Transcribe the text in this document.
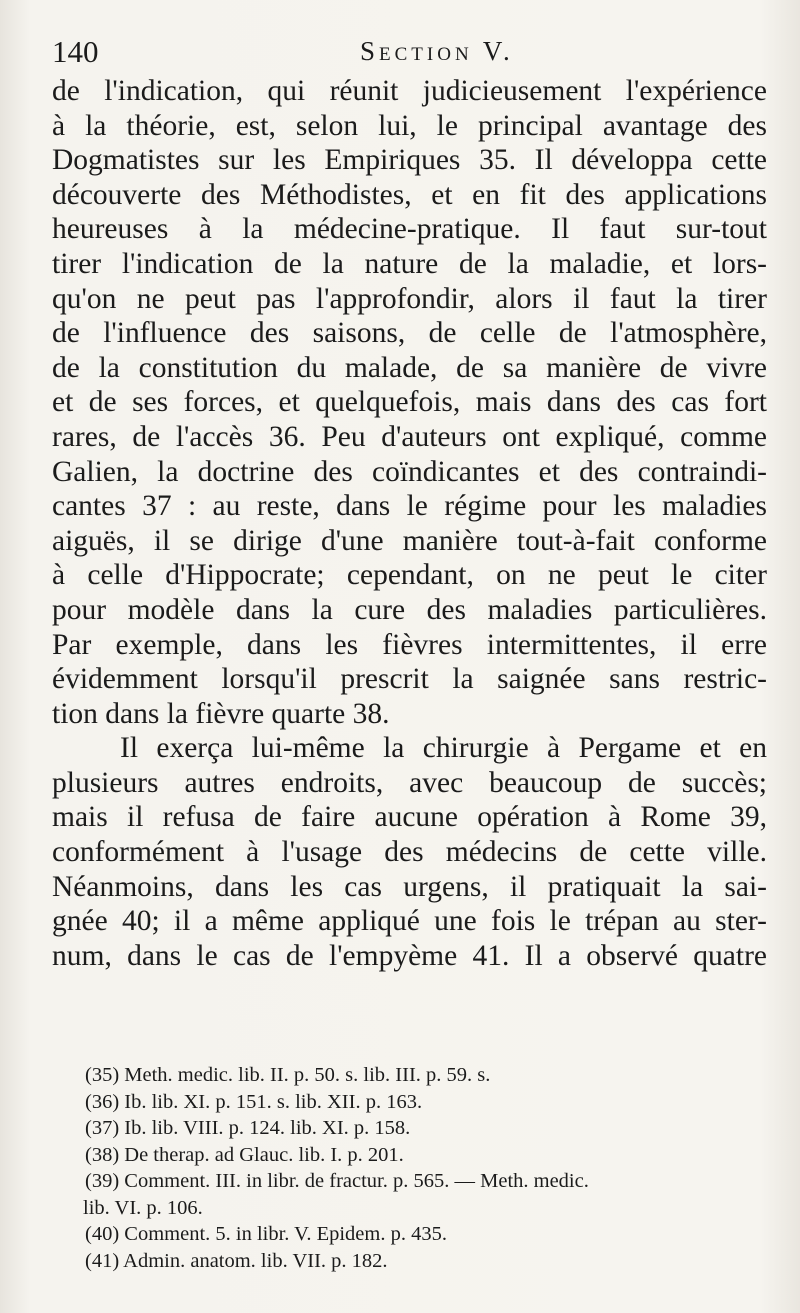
140	Section V.
de l'indication, qui réunit judicieusement l'expérience
à la théorie, est, selon lui, le principal avantage des
Dogmatistes sur les Empiriques 35. Il développa cette
découverte des Méthodistes, et en fit des applications
heureuses à la médecine-pratique. Il faut sur-tout
tirer l'indication de la nature de la maladie, et lors-
qu'on ne peut pas l'approfondir, alors il faut la tirer
de l'influence des saisons, de celle de l'atmosphère,
de la constitution du malade, de sa manière de vivre
et de ses forces, et quelquefois, mais dans des cas fort
rares, de l'accès 36. Peu d'auteurs ont expliqué, comme
Galien, la doctrine des coïndicantes et des contraindi-
cantes 37 : au reste, dans le régime pour les maladies
aiguës, il se dirige d'une manière tout-à-fait conforme
à celle d'Hippocrate; cependant, on ne peut le citer
pour modèle dans la cure des maladies particulières.
Par exemple, dans les fièvres intermittentes, il erre
évidemment lorsqu'il prescrit la saignée sans restric-
tion dans la fièvre quarte 38.
Il exerça lui-même la chirurgie à Pergame et en
plusieurs autres endroits, avec beaucoup de succès;
mais il refusa de faire aucune opération à Rome 39,
conformément à l'usage des médecins de cette ville.
Néanmoins, dans les cas urgens, il pratiquait la sai-
gnée 40; il a même appliqué une fois le trépan au ster-
num, dans le cas de l'empyème 41. Il a observé quatre
(35) Meth. medic. lib. II. p. 50. s. lib. III. p. 59. s.
(36) Ib. lib. XI. p. 151. s. lib. XII. p. 163.
(37) Ib. lib. VIII. p. 124. lib. XI. p. 158.
(38) De therap. ad Glauc. lib. I. p. 201.
(39) Comment. III. in libr. de fractur. p. 565. — Meth. medic.
lib. VI. p. 106.
(40) Comment. 5. in libr. V. Epidem. p. 435.
(41) Admin. anatom. lib. VII. p. 182.
